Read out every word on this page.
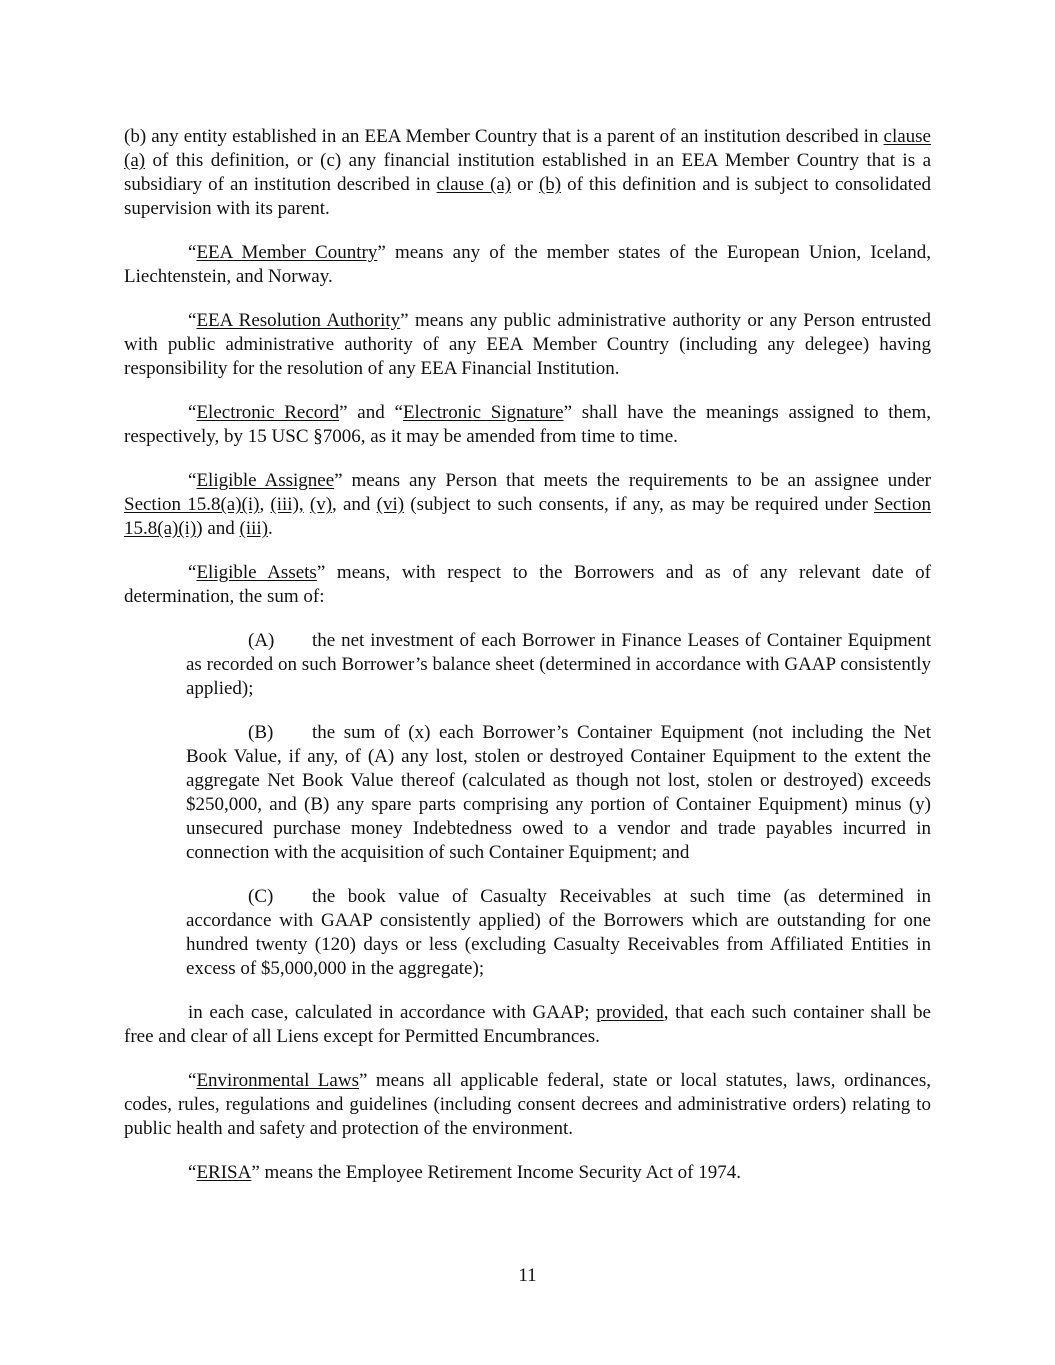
(b) any entity established in an EEA Member Country that is a parent of an institution described in clause (a) of this definition, or (c) any financial institution established in an EEA Member Country that is a subsidiary of an institution described in clause (a) or (b) of this definition and is subject to consolidated supervision with its parent.

“EEA Member Country” means any of the member states of the European Union, Iceland, Liechtenstein, and Norway.

“EEA Resolution Authority” means any public administrative authority or any Person entrusted with public administrative authority of any EEA Member Country (including any delegee) having responsibility for the resolution of any EEA Financial Institution.

“Electronic Record” and “Electronic Signature” shall have the meanings assigned to them, respectively, by 15 USC §7006, as it may be amended from time to time.

“Eligible Assignee” means any Person that meets the requirements to be an assignee under Section 15.8(a)(i), (iii), (v), and (vi) (subject to such consents, if any, as may be required under Section 15.8(a)(i)) and (iii).

“Eligible Assets” means, with respect to the Borrowers and as of any relevant date of determination, the sum of:

(A) the net investment of each Borrower in Finance Leases of Container Equipment as recorded on such Borrower’s balance sheet (determined in accordance with GAAP consistently applied);

(B) the sum of (x) each Borrower’s Container Equipment (not including the Net Book Value, if any, of (A) any lost, stolen or destroyed Container Equipment to the extent the aggregate Net Book Value thereof (calculated as though not lost, stolen or destroyed) exceeds $250,000, and (B) any spare parts comprising any portion of Container Equipment) minus (y) unsecured purchase money Indebtedness owed to a vendor and trade payables incurred in connection with the acquisition of such Container Equipment; and

(C) the book value of Casualty Receivables at such time (as determined in accordance with GAAP consistently applied) of the Borrowers which are outstanding for one hundred twenty (120) days or less (excluding Casualty Receivables from Affiliated Entities in excess of $5,000,000 in the aggregate);

in each case, calculated in accordance with GAAP; provided, that each such container shall be free and clear of all Liens except for Permitted Encumbrances.

“Environmental Laws” means all applicable federal, state or local statutes, laws, ordinances, codes, rules, regulations and guidelines (including consent decrees and administrative orders) relating to public health and safety and protection of the environment.

“ERISA” means the Employee Retirement Income Security Act of 1974.

11
